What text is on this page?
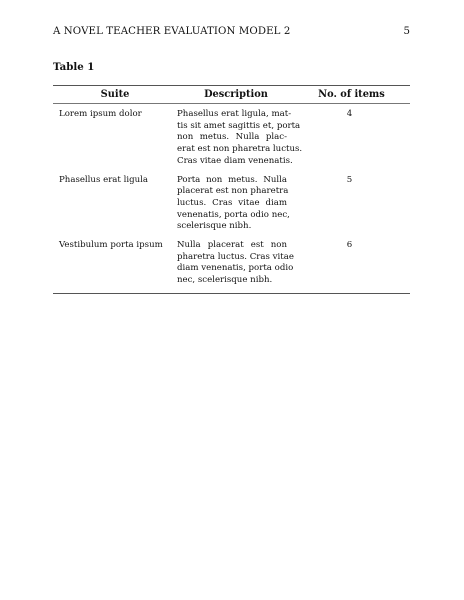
A NOVEL TEACHER EVALUATION MODEL 2	5
Table 1
Suite	Description	No. of items
Lorem ipsum dolor	Phasellus erat ligula, mat-
tis sit amet sagittis et, porta
non metus. Nulla plac-
erat est non pharetra luctus.
Cras vitae diam venenatis.
4
Phasellus erat ligula	Porta non metus. Nulla
placerat est non pharetra
luctus. Cras vitae diam
venenatis, porta odio nec,
scelerisque nibh.
5
Vestibulum porta ipsum	Nulla placerat est non
pharetra luctus. Cras vitae
diam venenatis, porta odio
nec, scelerisque nibh.
6
